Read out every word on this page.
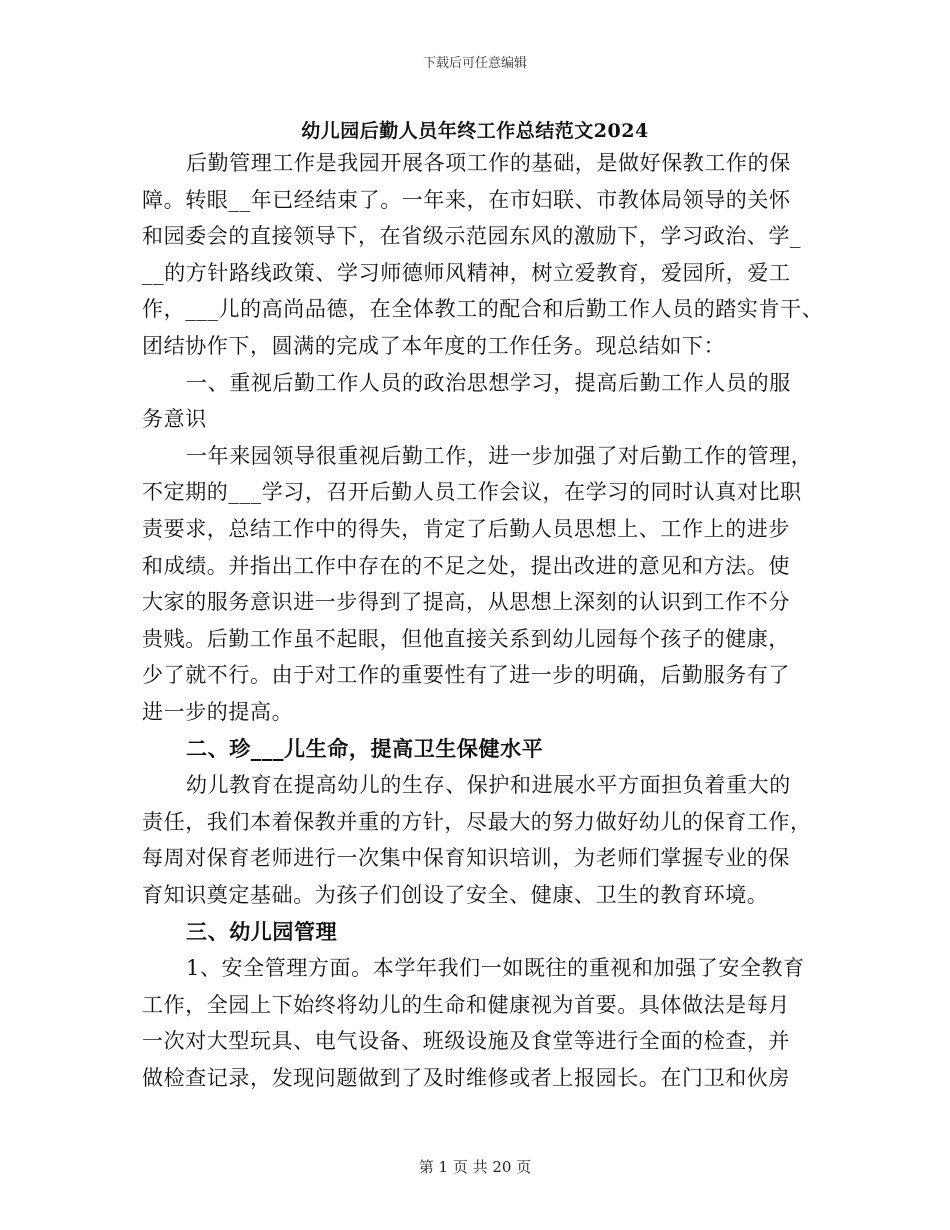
下载后可任意编辑
幼儿园后勤人员年终工作总结范文2024
后勤管理工作是我园开展各项工作的基础，是做好保教工作的保
障。转眼__年已经结束了。一年来，在市妇联、市教体局领导的关怀
和园委会的直接领导下，在省级示范园东风的激励下，学习政治、学_
__的方针路线政策、学习师德师风精神，树立爱教育，爱园所，爱工
作，___儿的高尚品德，在全体教工的配合和后勤工作人员的踏实肯干、
团结协作下，圆满的完成了本年度的工作任务。现总结如下：
一、重视后勤工作人员的政治思想学习，提高后勤工作人员的服
务意识
一年来园领导很重视后勤工作，进一步加强了对后勤工作的管理，
不定期的___学习，召开后勤人员工作会议，在学习的同时认真对比职
责要求，总结工作中的得失，肯定了后勤人员思想上、工作上的进步
和成绩。并指出工作中存在的不足之处，提出改进的意见和方法。使
大家的服务意识进一步得到了提高，从思想上深刻的认识到工作不分
贵贱。后勤工作虽不起眼，但他直接关系到幼儿园每个孩子的健康，
少了就不行。由于对工作的重要性有了进一步的明确，后勤服务有了
进一步的提高。
二、珍___儿生命，提高卫生保健水平
幼儿教育在提高幼儿的生存、保护和进展水平方面担负着重大的
责任，我们本着保教并重的方针，尽最大的努力做好幼儿的保育工作，
每周对保育老师进行一次集中保育知识培训，为老师们掌握专业的保
育知识奠定基础。为孩子们创设了安全、健康、卫生的教育环境。
三、幼儿园管理
1、安全管理方面。本学年我们一如既往的重视和加强了安全教育
工作，全园上下始终将幼儿的生命和健康视为首要。具体做法是每月
一次对大型玩具、电气设备、班级设施及食堂等进行全面的检查，并
做检查记录，发现问题做到了及时维修或者上报园长。在门卫和伙房
第 1 页 共 20 页
